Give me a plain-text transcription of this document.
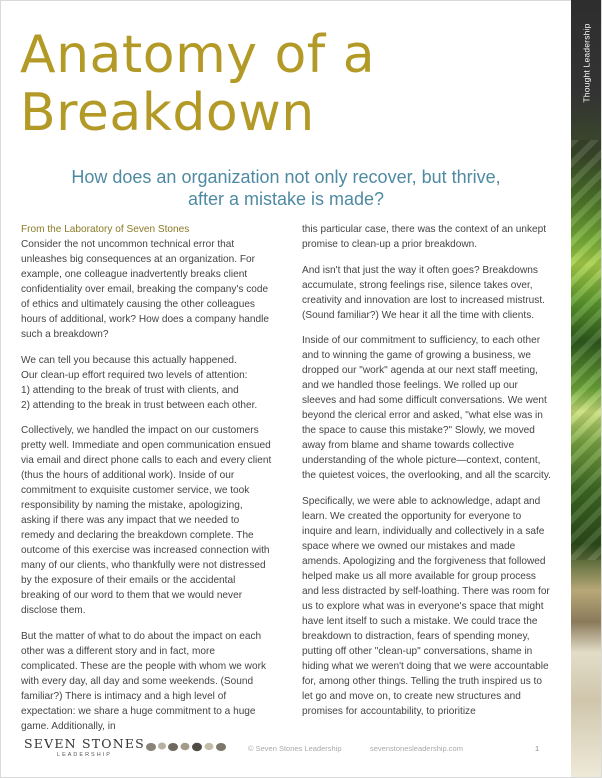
Thought Leadership
Anatomy of a
Breakdown
How does an organization not only recover, but thrive,
after a mistake is made?

From the Laboratory of Seven Stones
Consider the not uncommon technical error that unleashes big consequences at an organization. For example, one colleague inadvertently breaks client confidentiality over email, breaking the company's code of ethics and ultimately causing the other colleagues hours of additional, work? How does a company handle such a breakdown?

We can tell you because this actually happened.
Our clean-up effort required two levels of attention:
1) attending to the break of trust with clients, and
2) attending to the break in trust between each other.

Collectively, we handled the impact on our customers pretty well. Immediate and open communication ensued via email and direct phone calls to each and every client (thus the hours of additional work). Inside of our commitment to exquisite customer service, we took responsibility by naming the mistake, apologizing, asking if there was any impact that we needed to remedy and declaring the breakdown complete. The outcome of this exercise was increased connection with many of our clients, who thankfully were not distressed by the exposure of their emails or the accidental breaking of our word to them that we would never disclose them.

But the matter of what to do about the impact on each other was a different story and in fact, more complicated. These are the people with whom we work with every day, all day and some weekends. (Sound familiar?) There is intimacy and a high level of expectation: we share a huge commitment to a huge game. Additionally, in

this particular case, there was the context of an unkept promise to clean-up a prior breakdown.

And isn't that just the way it often goes? Breakdowns accumulate, strong feelings rise, silence takes over, creativity and innovation are lost to increased mistrust. (Sound familiar?) We hear it all the time with clients.

Inside of our commitment to sufficiency, to each other and to winning the game of growing a business, we dropped our "work" agenda at our next staff meeting, and we handled those feelings. We rolled up our sleeves and had some difficult conversations. We went beyond the clerical error and asked, "what else was in the space to cause this mistake?" Slowly, we moved away from blame and shame towards collective understanding of the whole picture—context, content, the quietest voices, the overlooking, and all the scarcity.

Specifically, we were able to acknowledge, adapt and learn. We created the opportunity for everyone to inquire and learn, individually and collectively in a safe space where we owned our mistakes and made amends. Apologizing and the forgiveness that followed helped make us all more available for group process and less distracted by self-loathing. There was room for us to explore what was in everyone's space that might have lent itself to such a mistake. We could trace the breakdown to distraction, fears of spending money, putting off other "clean-up" conversations, shame in hiding what we weren't doing that we were accountable for, among other things. Telling the truth inspired us to let go and move on, to create new structures and promises for accountability, to prioritize

SEVEN STONES
LEADERSHIP
© Seven Stones Leadership	sevenstonesleadership.com	1
